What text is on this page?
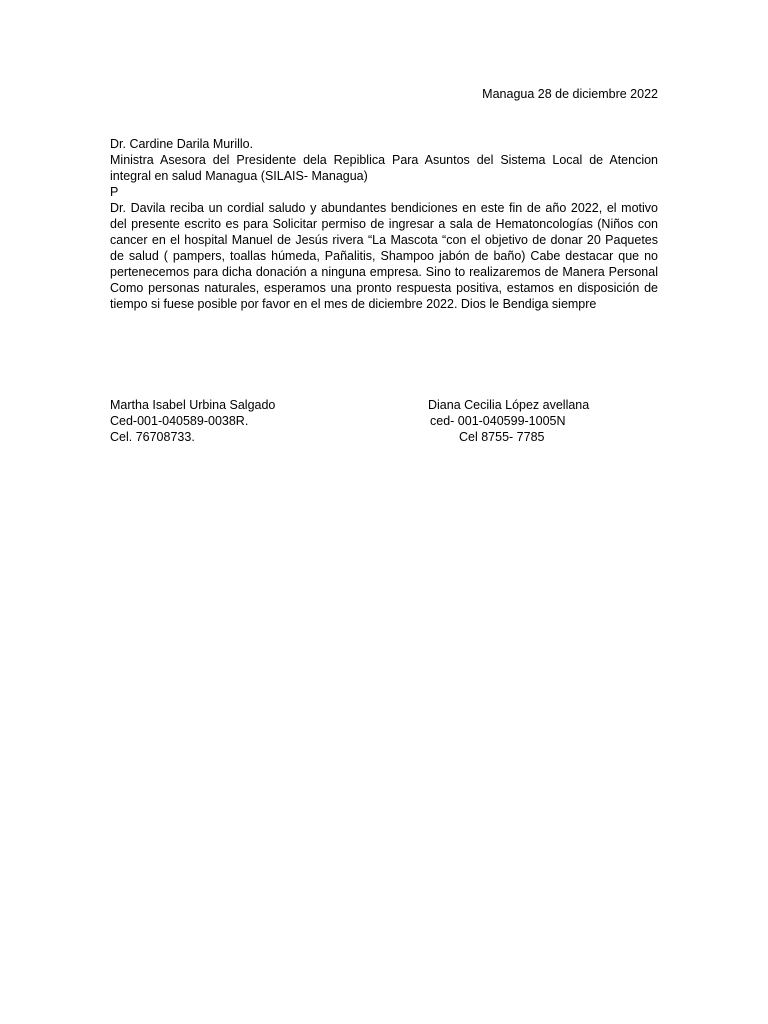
Managua 28 de diciembre 2022

Dr. Cardine Darila Murillo.

Ministra Asesora del Presidente dela Repiblica Para Asuntos del Sistema Local de Atencion integral en salud Managua (SILAIS- Managua)

P

Dr. Davila reciba un cordial saludo y abundantes bendiciones en este fin de año 2022, el motivo del presente escrito es para Solicitar permiso de ingresar a sala de Hematoncologías (Niños con cancer en el hospital Manuel de Jesús rivera “La Mascota “con el objetivo de donar 20 Paquetes de salud ( pampers, toallas húmeda, Pañalitis, Shampoo jabón de baño) Cabe destacar que no pertenecemos para dicha donación a ninguna empresa. Sino to realizaremos de Manera Personal Como personas naturales, esperamos una pronto respuesta positiva, estamos en disposición de tiempo si fuese posible por favor en el mes de diciembre 2022. Dios le Bendiga siempre

Martha Isabel Urbina Salgado
Ced-001-040589-0038R.
Cel. 76708733.
Diana Cecilia López avellana
ced- 001-040599-1005N
Cel 8755- 7785
